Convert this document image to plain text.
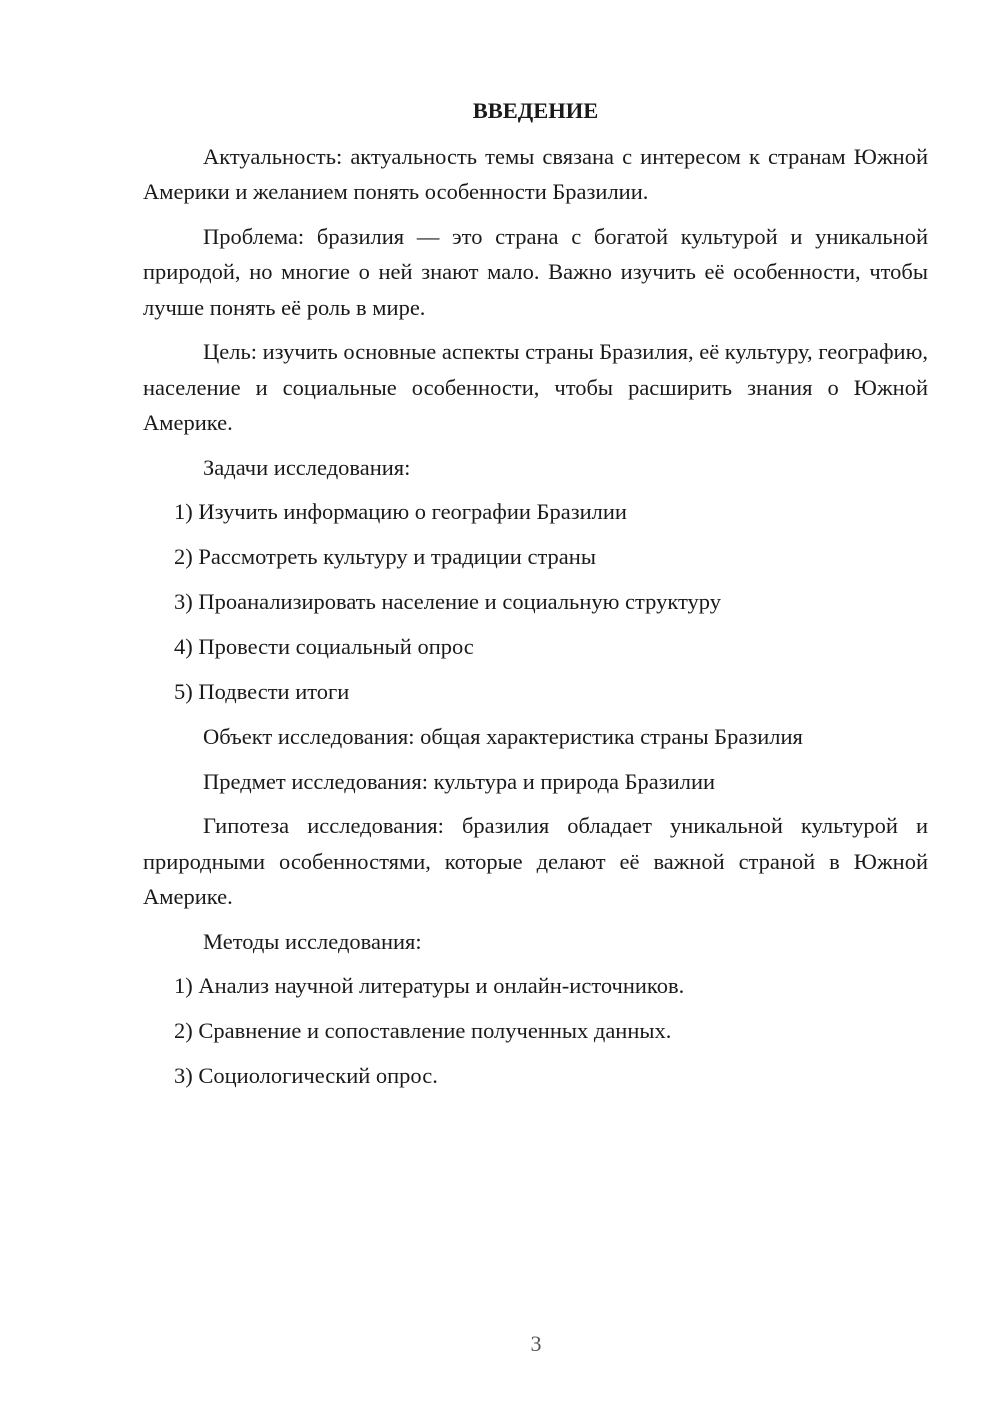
ВВЕДЕНИЕ
Актуальность: актуальность темы связана с интересом к странам Южной Америки и желанием понять особенности Бразилии.
Проблема: бразилия — это страна с богатой культурой и уникальной природой, но многие о ней знают мало. Важно изучить её особенности, чтобы лучше понять её роль в мире.
Цель: изучить основные аспекты страны Бразилия, её культуру, географию, население и социальные особенности, чтобы расширить знания о Южной Америке.
Задачи исследования:
1) Изучить информацию о географии Бразилии
2) Рассмотреть культуру и традиции страны
3) Проанализировать население и социальную структуру
4) Провести социальный опрос
5) Подвести итоги
Объект исследования: общая характеристика страны Бразилия
Предмет исследования: культура и природа Бразилии
Гипотеза исследования: бразилия обладает уникальной культурой и природными особенностями, которые делают её важной страной в Южной Америке.
Методы исследования:
1) Анализ научной литературы и онлайн-источников.
2) Сравнение и сопоставление полученных данных.
3) Социологический опрос.
3
